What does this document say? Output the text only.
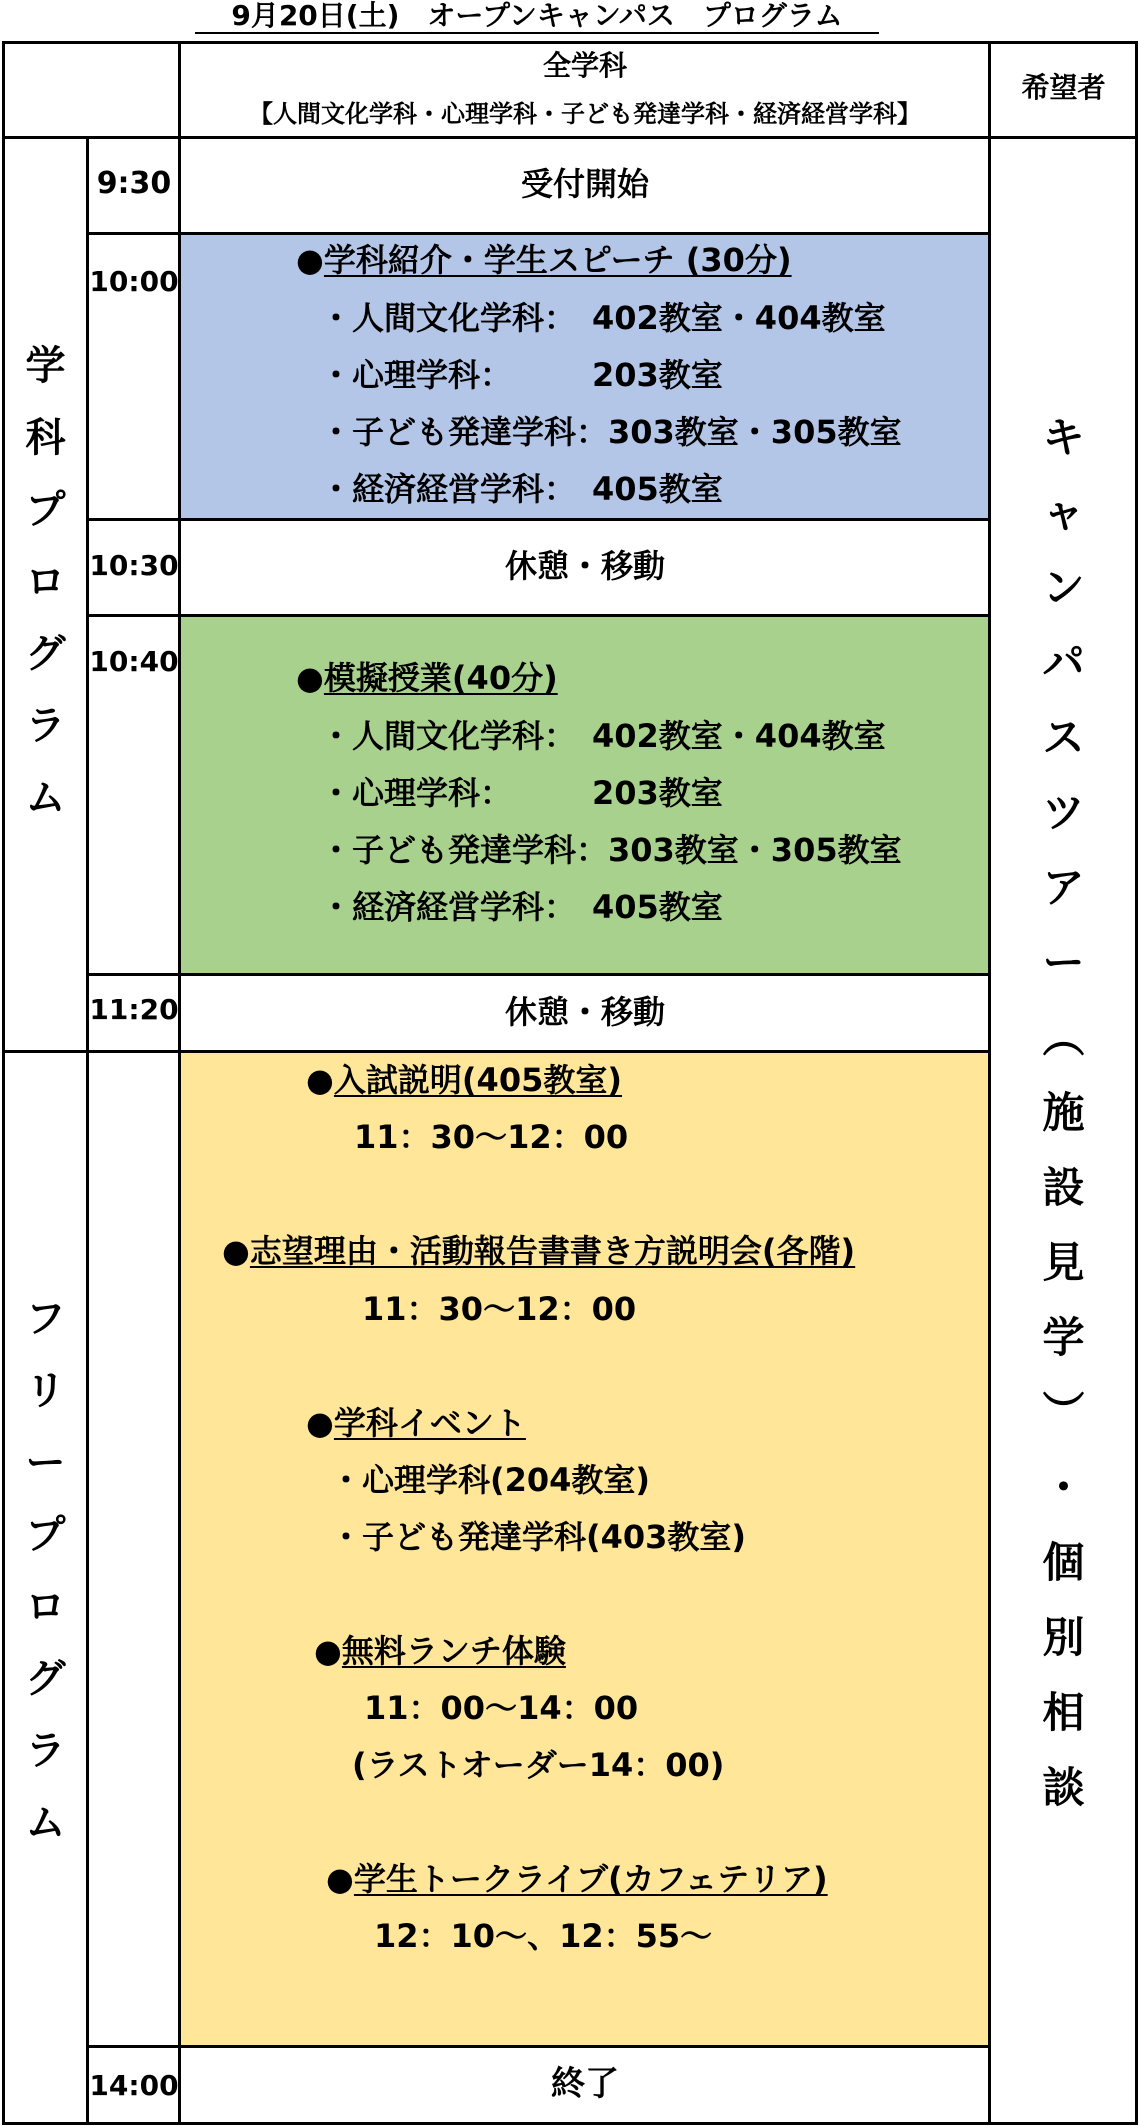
9月20日(土)　オープンキャンパス　プログラム
全学科
【人間文化学科・心理学科・子ども発達学科・経済経営学科】
希望者
9:30
10:00
10:30
10:40
11:20
14:00
受付開始
休憩・移動
休憩・移動
終了
●学科紹介・学生スピーチ (30分)
・人間文化学科：　402教室・404教室
・心理学科：　　　203教室
・子ども発達学科：303教室・305教室
・経済経営学科：　405教室
●模擬授業(40分)
・人間文化学科：　402教室・404教室
・心理学科：　　　203教室
・子ども発達学科：303教室・305教室
・経済経営学科：　405教室
●入試説明(405教室)
11：30〜12：00
●志望理由・活動報告書書き方説明会(各階)
11：30〜12：00
●学科イベント
・心理学科(204教室)
・子ども発達学科(403教室)
●無料ランチ体験
11：00〜14：00
(ラストオーダー14：00)
●学生トークライブ(カフェテリア)
12：10〜、12：55〜
学
科
プ
ロ
グ
ラ
ム
フ
リ
ー
プ
ロ
グ
ラ
ム
キ
ャ
ン
パ
ス
ツ
ア
ー
︵
施
設
見
学
︶
・
個
別
相
談
